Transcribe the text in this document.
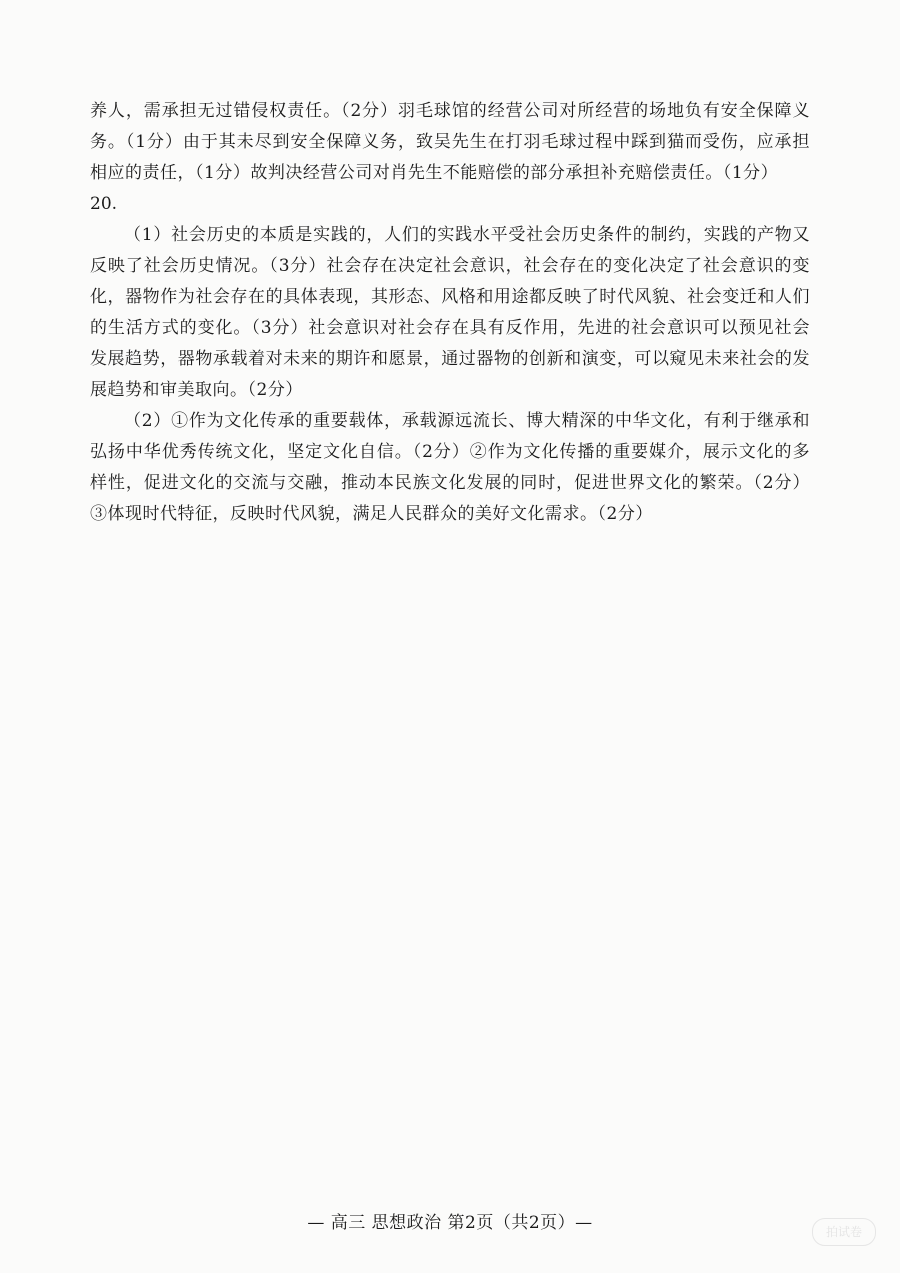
养人，需承担无过错侵权责任。（2分）羽毛球馆的经营公司对所经营的场地负有安全保障义务。（1分）由于其未尽到安全保障义务，致吴先生在打羽毛球过程中踩到猫而受伤，应承担相应的责任，（1分）故判决经营公司对肖先生不能赔偿的部分承担补充赔偿责任。（1分）

20.

（1）社会历史的本质是实践的，人们的实践水平受社会历史条件的制约，实践的产物又反映了社会历史情况。（3分）社会存在决定社会意识，社会存在的变化决定了社会意识的变化，器物作为社会存在的具体表现，其形态、风格和用途都反映了时代风貌、社会变迁和人们的生活方式的变化。（3分）社会意识对社会存在具有反作用，先进的社会意识可以预见社会发展趋势，器物承载着对未来的期许和愿景，通过器物的创新和演变，可以窥见未来社会的发展趋势和审美取向。（2分）

（2）①作为文化传承的重要载体，承载源远流长、博大精深的中华文化，有利于继承和弘扬中华优秀传统文化，坚定文化自信。（2分）②作为文化传播的重要媒介，展示文化的多样性，促进文化的交流与交融，推动本民族文化发展的同时，促进世界文化的繁荣。（2分）③体现时代特征，反映时代风貌，满足人民群众的美好文化需求。（2分）

— 高三 思想政治 第2页（共2页）—	拍试卷
